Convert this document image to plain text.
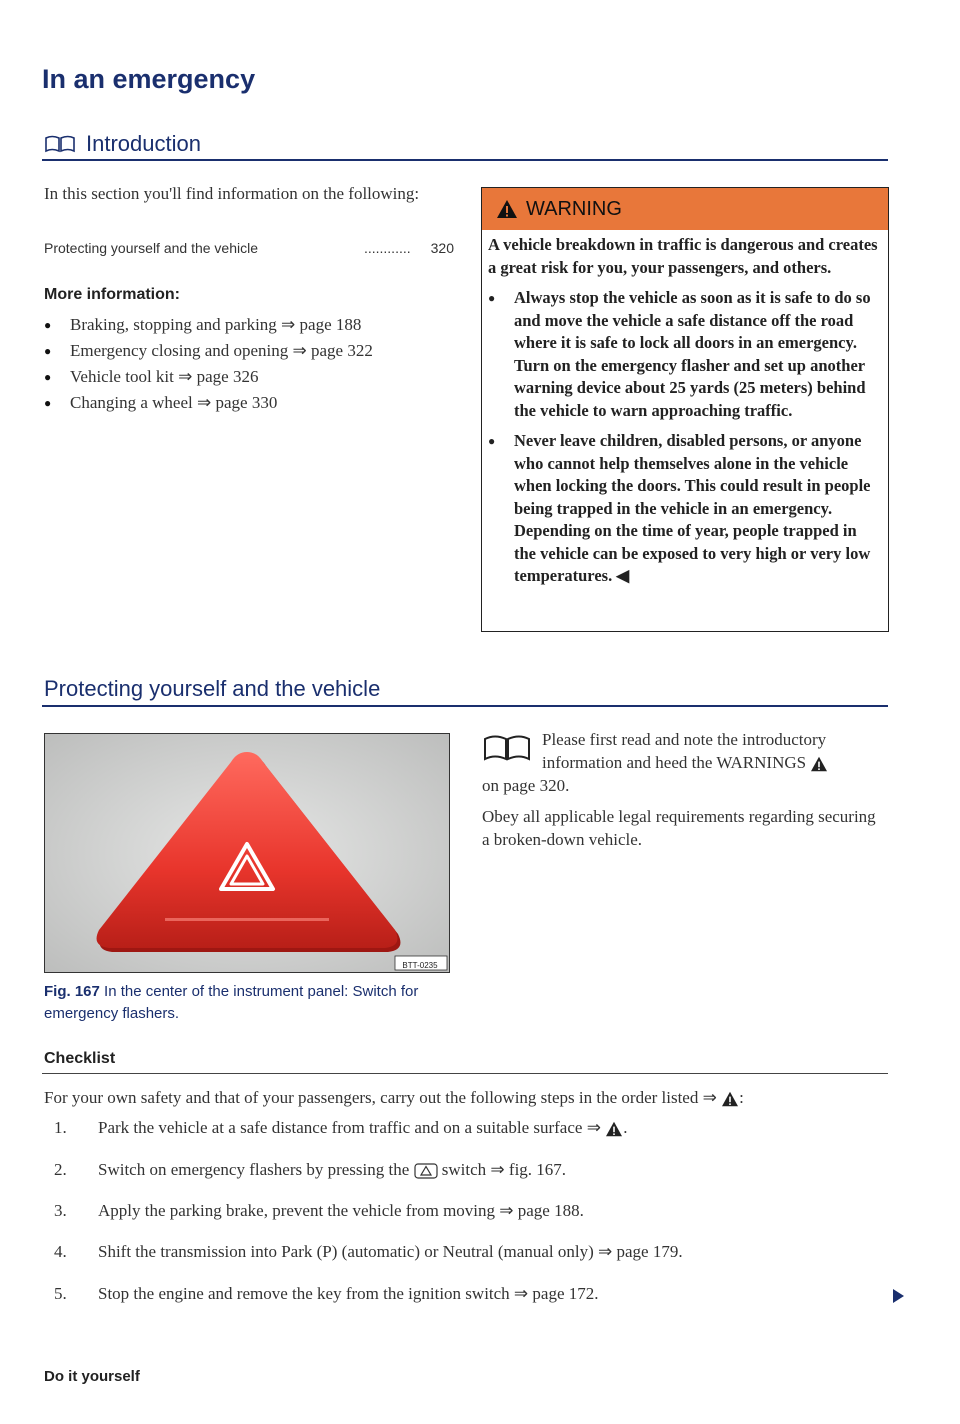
In an emergency
Introduction
In this section you'll find information on the following:
Protecting yourself and the vehicle	............	320
More information:
● Braking, stopping and parking ⇒ page 188
● Emergency closing and opening ⇒ page 322
● Vehicle tool kit ⇒ page 326
● Changing a wheel ⇒ page 330
WARNING

A vehicle breakdown in traffic is dangerous and creates a great risk for you, your passengers, and others.

● Always stop the vehicle as soon as it is safe to do so and move the vehicle a safe distance off the road where it is safe to lock all doors in an emergency. Turn on the emergency flasher and set up another warning device about 25 yards (25 meters) behind the vehicle to warn approaching traffic.
● Never leave children, disabled persons, or anyone who cannot help themselves alone in the vehicle when locking the doors. This could result in people being trapped in the vehicle in an emergency. Depending on the time of year, people trapped in the vehicle can be exposed to very high or very low temperatures. ◀
Protecting yourself and the vehicle
BTT-0235
Fig. 167 In the center of the instrument panel: Switch for emergency flashers.
Please first read and note the introductory information and heed the WARNINGS
on page 320.
Obey all applicable legal requirements regarding securing a broken-down vehicle.
Checklist
For your own safety and that of your passengers, carry out the following steps in the order listed ⇒ :
1. Park the vehicle at a safe distance from traffic and on a suitable surface ⇒ .
2. Switch on emergency flashers by pressing the switch ⇒ fig. 167.
3. Apply the parking brake, prevent the vehicle from moving ⇒ page 188.
4. Shift the transmission into Park (P) (automatic) or Neutral (manual only) ⇒ page 179.
5. Stop the engine and remove the key from the ignition switch ⇒ page 172.
Do it yourself
